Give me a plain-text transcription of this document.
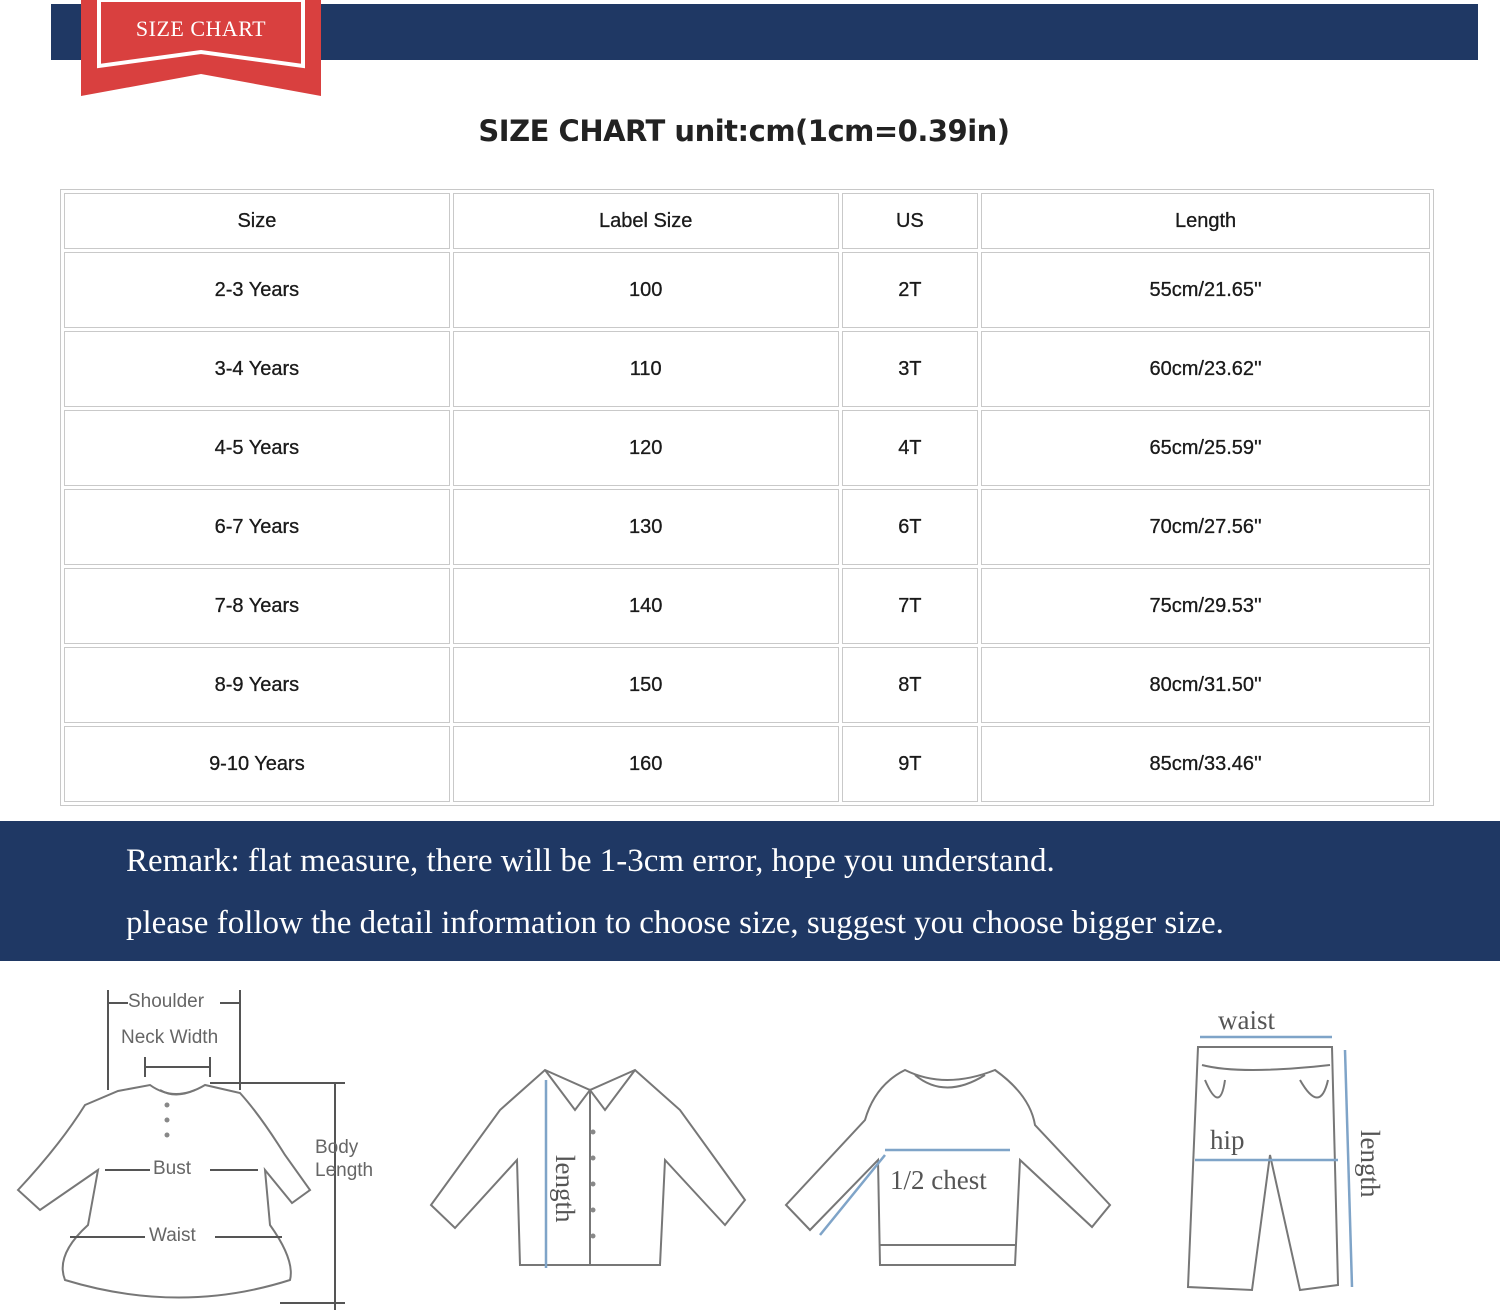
SIZE CHART
SIZE CHART unit:cm(1cm=0.39in)
Size	Label Size	US	Length
2-3 Years	100	2T	55cm/21.65''
3-4 Years	110	3T	60cm/23.62''
4-5 Years	120	4T	65cm/25.59''
6-7 Years	130	6T	70cm/27.56''
7-8 Years	140	7T	75cm/29.53''
8-9 Years	150	8T	80cm/31.50''
9-10 Years	160	9T	85cm/33.46''
Remark: flat measure, there will be 1-3cm error, hope you understand.
please follow the detail information to choose size, suggest you choose bigger size.
Shoulder
Neck Width
Body
Length
Bust
Waist
length	1/2 chest
waist
hip	length
